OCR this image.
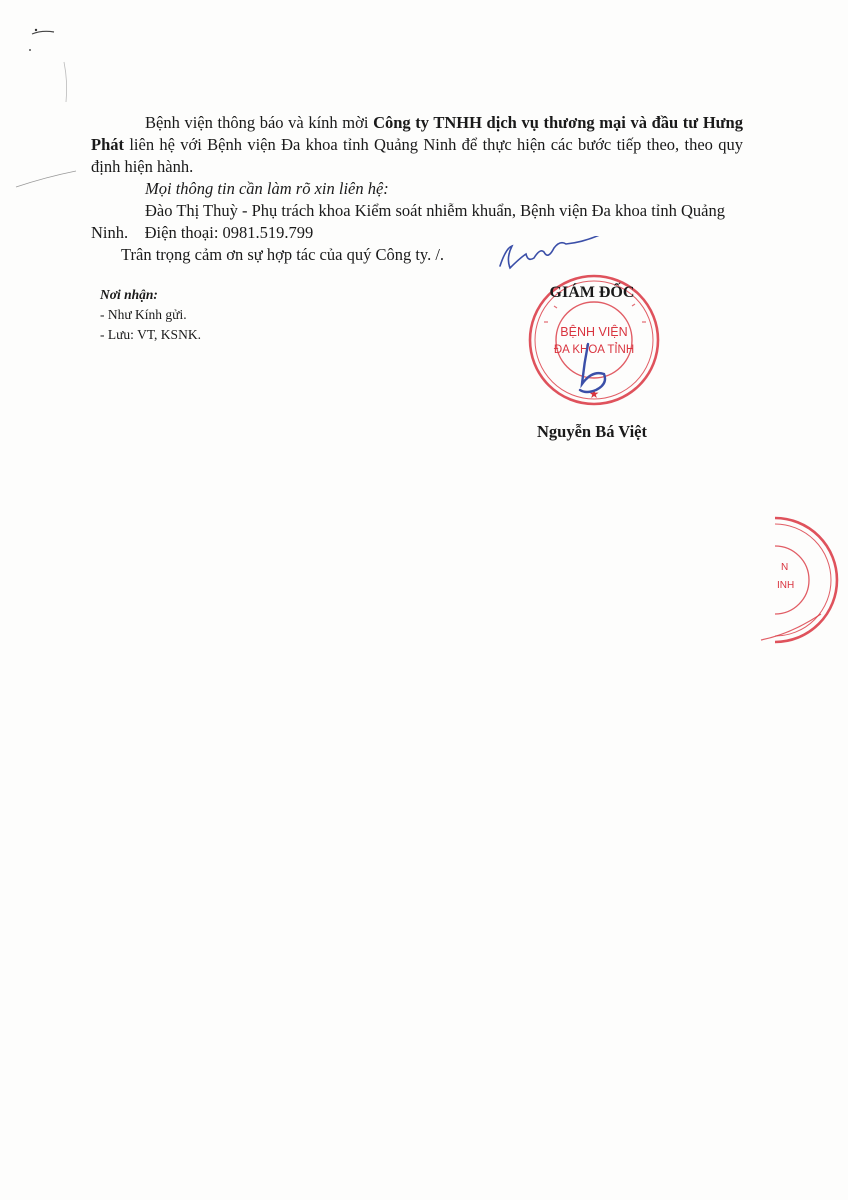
Bệnh viện thông báo và kính mời Công ty TNHH dịch vụ thương mại và đầu tư Hưng Phát liên hệ với Bệnh viện Đa khoa tỉnh Quảng Ninh để thực hiện các bước tiếp theo, theo quy định hiện hành.

Mọi thông tin cần làm rõ xin liên hệ:

Đào Thị Thuỳ - Phụ trách khoa Kiểm soát nhiễm khuẩn, Bệnh viện Đa khoa tỉnh Quảng Ninh. Điện thoại: 0981.519.799

Trân trọng cảm ơn sự hợp tác của quý Công ty. /.

Nơi nhận:
- Như Kính gửi.
- Lưu: VT, KSNK.	BỆNH VIỆN
ĐA KHOA TỈNH
★
GIÁM ĐỐC
Nguyễn Bá Việt
N
INH
